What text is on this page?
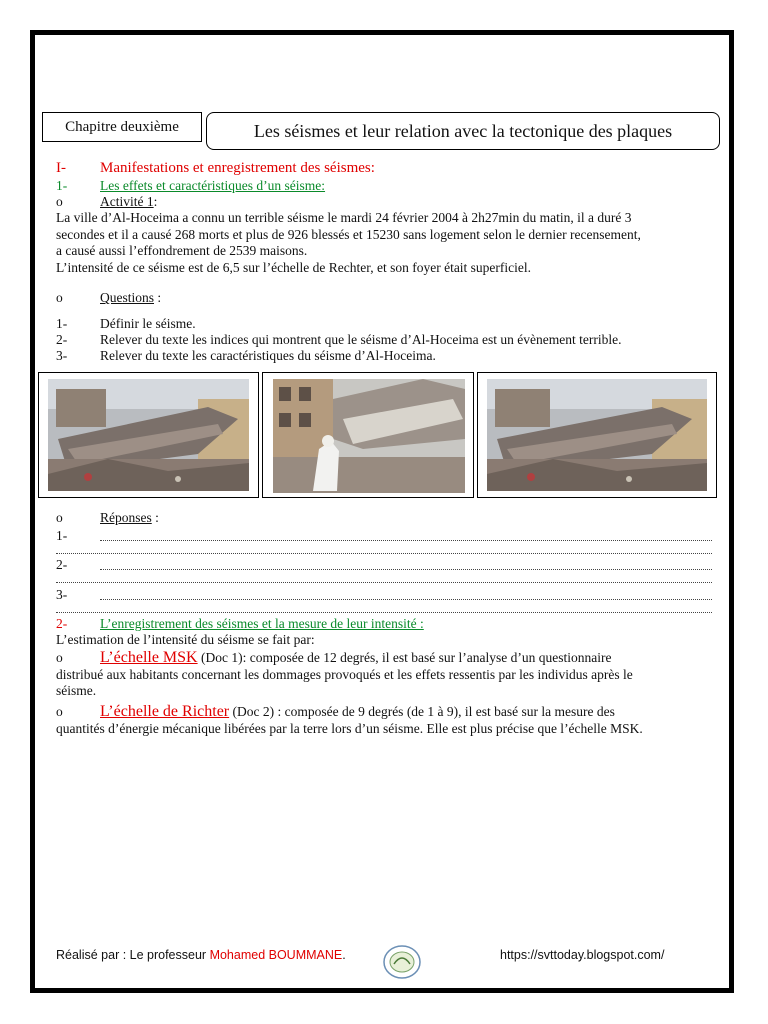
Chapitre deuxième	Les séismes et leur relation avec la tectonique des plaques
I- Manifestations et enregistrement des séismes:
1- Les effets et caractéristiques d’un séisme:
o	Activité 1:
La ville d’Al-Hoceima a connu un terrible séisme le mardi 24 février 2004 à 2h27min du matin, il a duré 3
secondes et il a causé 268 morts et plus de 926 blessés et 15230 sans logement selon le dernier recensement,
a causé aussi l’effondrement de 2539 maisons.
L’intensité de ce séisme est de 6,5 sur l’échelle de Rechter, et son foyer était superficiel.
o	Questions :
1- Définir le séisme.
2- Relever du texte les indices qui montrent que le séisme d’Al-Hoceima est un évènement terrible.
3- Relever du texte les caractéristiques du séisme d’Al-Hoceima.
o	Réponses :
1-
2-
3-
2- L’enregistrement des séismes et la mesure de leur intensité :
L’estimation de l’intensité du séisme se fait par:
o L’échelle MSK (Doc 1): composée de 12 degrés, il est basé sur l’analyse d’un questionnaire
distribué aux habitants concernant les dommages provoqués et les effets ressentis par les individus après le
séisme.
o L’échelle de Richter (Doc 2) : composée de 9 degrés (de 1 à 9), il est basé sur la mesure des
quantités d’énergie mécanique libérées par la terre lors d’un séisme. Elle est plus précise que l’échelle MSK.
Réalisé par : Le professeur Mohamed BOUMMANE.	https://svttoday.blogspot.com/
